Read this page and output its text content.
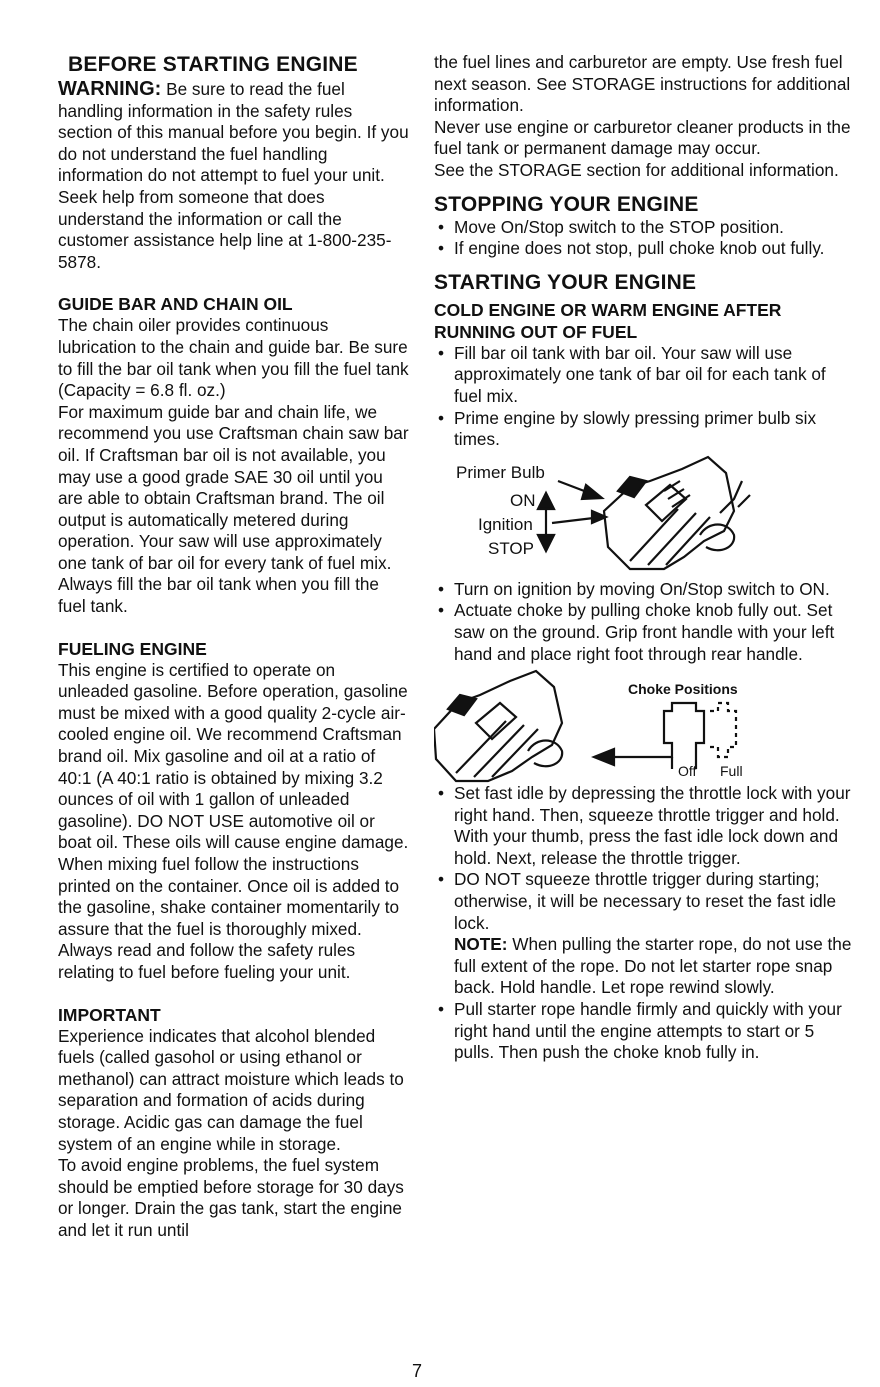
BEFORE STARTING ENGINE

WARNING: Be sure to read the fuel handling information in the safety rules section of this manual before you begin. If you do not understand the fuel handling information do not attempt to fuel your unit. Seek help from someone that does understand the information or call the customer assistance help line at 1-800-235-5878.

GUIDE BAR AND CHAIN OIL

The chain oiler provides continuous lubrication to the chain and guide bar. Be sure to fill the bar oil tank when you fill the fuel tank (Capacity = 6.8 fl. oz.)

For maximum guide bar and chain life, we recommend you use Craftsman chain saw bar oil. If Craftsman bar oil is not available, you may use a good grade SAE 30 oil until you are able to obtain Craftsman brand. The oil output is automatically metered during operation. Your saw will use approximately one tank of bar oil for every tank of fuel mix. Always fill the bar oil tank when you fill the fuel tank.

FUELING ENGINE

This engine is certified to operate on unleaded gasoline. Before operation, gasoline must be mixed with a good quality 2-cycle air-cooled engine oil. We recommend Craftsman brand oil. Mix gasoline and oil at a ratio of 40:1 (A 40:1 ratio is obtained by mixing 3.2 ounces of oil with 1 gallon of unleaded gasoline). DO NOT USE automotive oil or boat oil. These oils will cause engine damage. When mixing fuel follow the instructions printed on the container. Once oil is added to the gasoline, shake container momentarily to assure that the fuel is thoroughly mixed.

Always read and follow the safety rules relating to fuel before fueling your unit.

IMPORTANT

Experience indicates that alcohol blended fuels (called gasohol or using ethanol or methanol) can attract moisture which leads to separation and formation of acids during storage. Acidic gas can damage the fuel system of an engine while in storage.

To avoid engine problems, the fuel system should be emptied before storage for 30 days or longer. Drain the gas tank, start the engine and let it run until

the fuel lines and carburetor are empty. Use fresh fuel next season. See STORAGE instructions for additional information.

Never use engine or carburetor cleaner products in the fuel tank or permanent damage may occur.

See the STORAGE section for additional information.

STOPPING YOUR ENGINE
• Move On/Stop switch to the STOP position.
• If engine does not stop, pull choke knob out fully.
STARTING YOUR ENGINE
COLD ENGINE OR WARM ENGINE AFTER RUNNING OUT OF FUEL
• Fill bar oil tank with bar oil. Your saw will use approximately one tank of bar oil for each tank of fuel mix.
• Prime engine by slowly pressing primer bulb six times.
Primer Bulb
ON
Ignition
STOP
• Turn on ignition by moving On/Stop switch to ON.
• Actuate choke by pulling choke knob fully out. Set saw on the ground. Grip front handle with your left hand and place right foot through rear handle.
Choke Positions
Off Full
• Set fast idle by depressing the throttle lock with your right hand. Then, squeeze throttle trigger and hold. With your thumb, press the fast idle lock down and hold. Next, release the throttle trigger.
• DO NOT squeeze throttle trigger during starting; otherwise, it will be necessary to reset the fast idle lock.

NOTE: When pulling the starter rope, do not use the full extent of the rope. Do not let starter rope snap back. Hold handle. Let rope rewind slowly.

• Pull starter rope handle firmly and quickly with your right hand until the engine attempts to start or 5 pulls. Then push the choke knob fully in.
7
